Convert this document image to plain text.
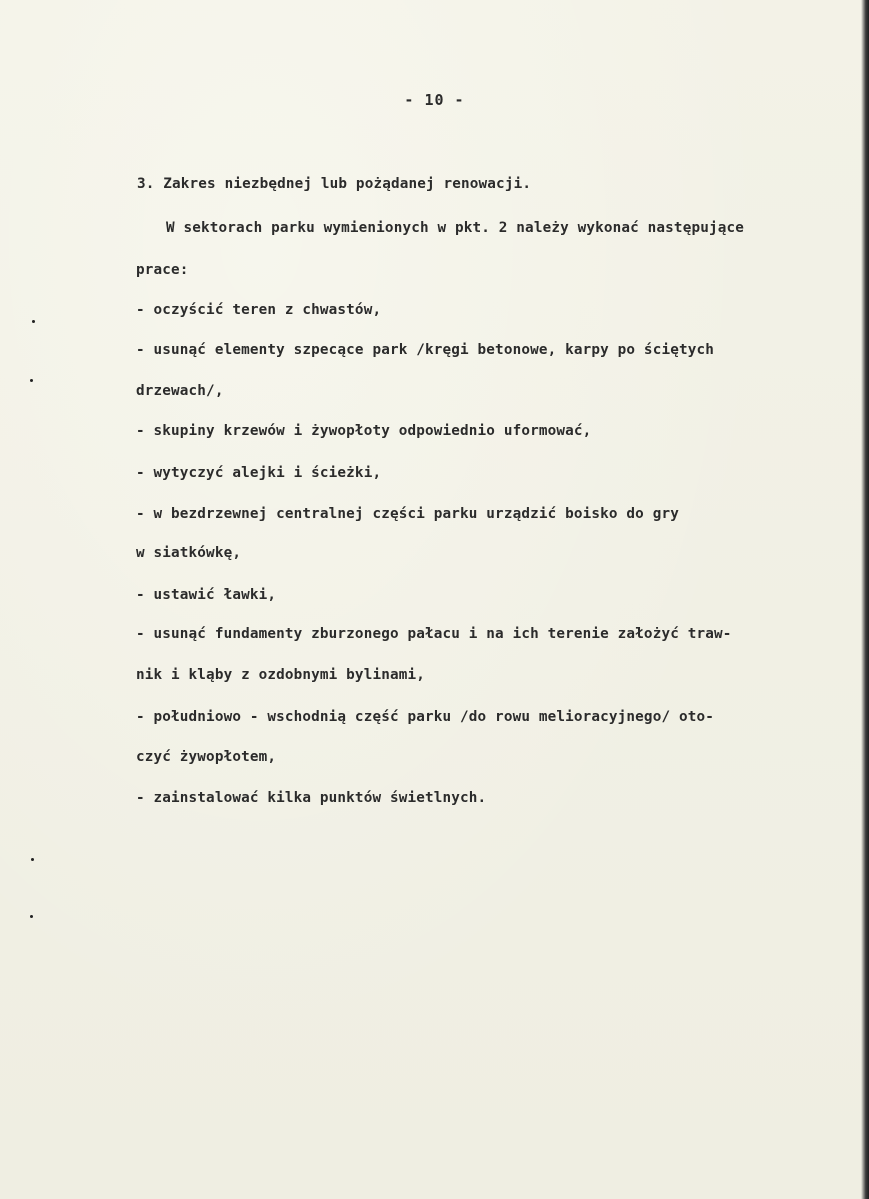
- 10 -
3. Zakres niezbędnej lub pożądanej renowacji.
W sektorach parku wymienionych w pkt. 2 należy wykonać następujące
prace:
- oczyścić teren z chwastów,
- usunąć elementy szpecące park /kręgi betonowe, karpy po ściętych
drzewach/,
- skupiny krzewów i żywopłoty odpowiednio uformować,
- wytyczyć alejki i ścieżki,
- w bezdrzewnej centralnej części parku urządzić boisko do gry
w siatkówkę,
- ustawić ławki,
- usunąć fundamenty zburzonego pałacu i na ich terenie założyć traw-
nik i kląby z ozdobnymi bylinami,
- południowo - wschodnią część parku /do rowu melioracyjnego/ oto-
czyć żywopłotem,
- zainstalować kilka punktów świetlnych.
